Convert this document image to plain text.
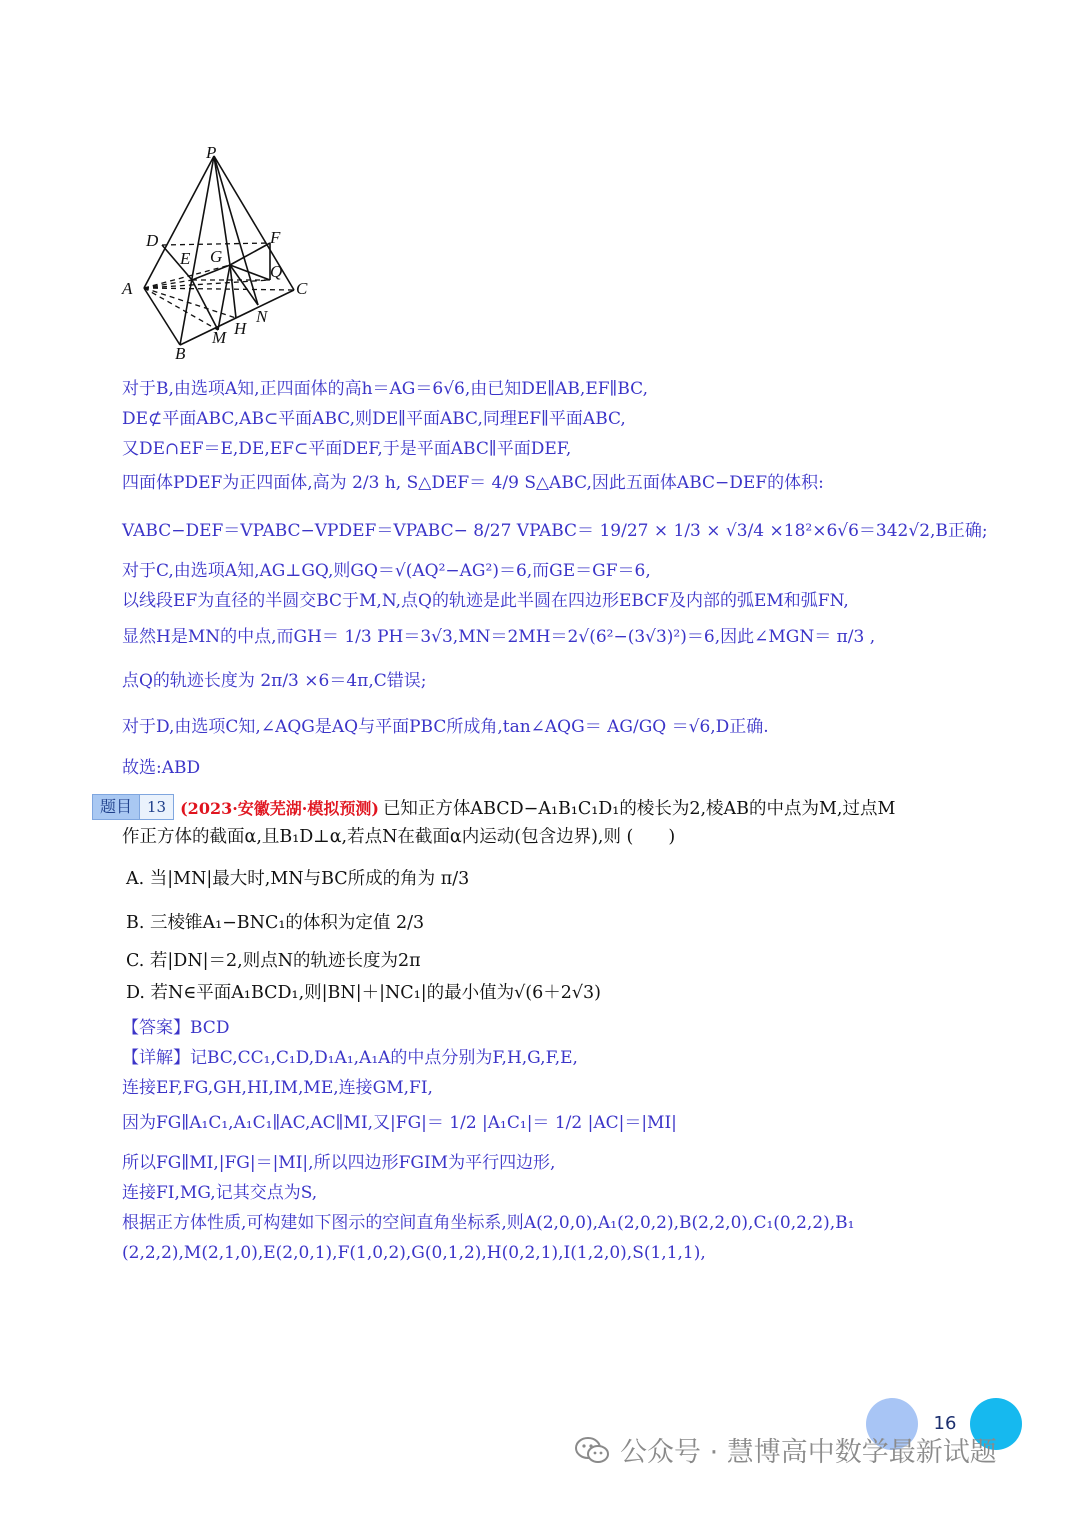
P
D	F
E G
Q
A	C
H
N
M
B
对于B,由选项A知,正四面体的高h＝AG＝6√6,由已知DE∥AB,EF∥BC,
DE⊄平面ABC,AB⊂平面ABC,则DE∥平面ABC,同理EF∥平面ABC,
又DE∩EF＝E,DE,EF⊂平面DEF,于是平面ABC∥平面DEF,
四面体PDEF为正四面体,高为 2/3 h, S△DEF＝ 4/9 S△ABC,因此五面体ABC−DEF的体积:
VABC−DEF＝VPABC−VPDEF＝VPABC− 8/27 VPABC＝ 19/27 × 1/3 × √3/4 ×18²×6√6＝342√2,B正确;
对于C,由选项A知,AG⊥GQ,则GQ＝√(AQ²−AG²)＝6,而GE＝GF＝6,
以线段EF为直径的半圆交BC于M,N,点Q的轨迹是此半圆在四边形EBCF及内部的弧EM和弧FN,
显然H是MN的中点,而GH＝ 1/3 PH＝3√3,MN＝2MH＝2√(6²−(3√3)²)＝6,因此∠MGN＝ π/3 ,
点Q的轨迹长度为 2π/3 ×6＝4π,C错误;
对于D,由选项C知,∠AQG是AQ与平面PBC所成角,tan∠AQG＝ AG/GQ ＝√6,D正确.
故选:ABD
题目	13 (2023·安徽芜湖·模拟预测) 已知正方体ABCD−A₁B₁C₁D₁的棱长为2,棱AB的中点为M,过点M
作正方体的截面α,且B₁D⊥α,若点N在截面α内运动(包含边界),则 (　　)
A. 当|MN|最大时,MN与BC所成的角为 π/3
B. 三棱锥A₁−BNC₁的体积为定值 2/3
C. 若|DN|＝2,则点N的轨迹长度为2π
D. 若N∈平面A₁BCD₁,则|BN|＋|NC₁|的最小值为√(6＋2√3)
【答案】BCD
【详解】记BC,CC₁,C₁D,D₁A₁,A₁A的中点分别为F,H,G,F,E,
连接EF,FG,GH,HI,IM,ME,连接GM,FI,
因为FG∥A₁C₁,A₁C₁∥AC,AC∥MI,又|FG|＝ 1/2 |A₁C₁|＝ 1/2 |AC|＝|MI|
所以FG∥MI,|FG|＝|MI|,所以四边形FGIM为平行四边形,
连接FI,MG,记其交点为S,
根据正方体性质,可构建如下图示的空间直角坐标系,则A(2,0,0),A₁(2,0,2),B(2,2,0),C₁(0,2,2),B₁
(2,2,2),M(2,1,0),E(2,0,1),F(1,0,2),G(0,1,2),H(0,2,1),I(1,2,0),S(1,1,1),
16
公众号 · 慧博高中数学最新试题
